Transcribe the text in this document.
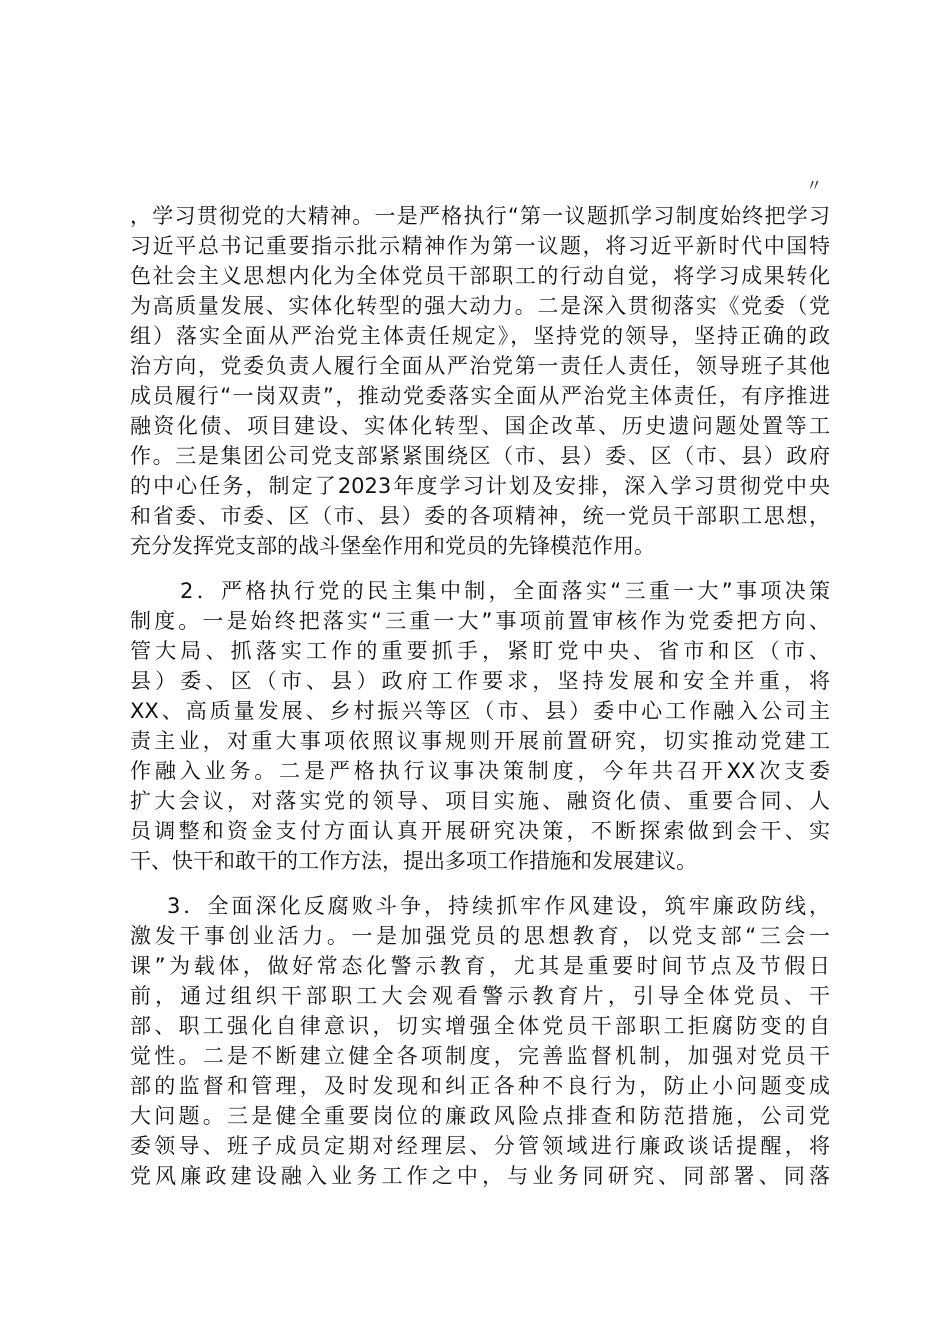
〃
，学习贯彻党的大精神。一是严格执行“第一议题抓学习制度始终把学习
习近平总书记重要指示批示精神作为第一议题，将习近平新时代中国特
色社会主义思想内化为全体党员干部职工的行动自觉，将学习成果转化
为高质量发展、实体化转型的强大动力。二是深入贯彻落实《党委（党
组）落实全面从严治党主体责任规定》，坚持党的领导，坚持正确的政
治方向，党委负责人履行全面从严治党第一责任人责任，领导班子其他
成员履行“一岗双责”，推动党委落实全面从严治党主体责任，有序推进
融资化债、项目建设、实体化转型、国企改革、历史遗问题处置等工
作。三是集团公司党支部紧紧围绕区（市、县）委、区（市、县）政府
的中心任务，制定了2023年度学习计划及安排，深入学习贯彻党中央
和省委、市委、区（市、县）委的各项精神，统一党员干部职工思想，
充分发挥党支部的战斗堡垒作用和党员的先锋模范作用。
2．严格执行党的民主集中制，全面落实“三重一大”事项决策
制度。一是始终把落实“三重一大”事项前置审核作为党委把方向、
管大局、抓落实工作的重要抓手，紧盯党中央、省市和区（市、
县）委、区（市、县）政府工作要求，坚持发展和安全并重，将
XX、高质量发展、乡村振兴等区（市、县）委中心工作融入公司主
责主业，对重大事项依照议事规则开展前置研究，切实推动党建工
作融入业务。二是严格执行议事决策制度，今年共召开XX次支委
扩大会议，对落实党的领导、项目实施、融资化债、重要合同、人
员调整和资金支付方面认真开展研究决策，不断探索做到会干、实
干、快干和敢干的工作方法，提出多项工作措施和发展建议。
3．全面深化反腐败斗争，持续抓牢作风建设，筑牢廉政防线，
激发干事创业活力。一是加强党员的思想教育，以党支部“三会一
课”为载体，做好常态化警示教育，尤其是重要时间节点及节假日
前，通过组织干部职工大会观看警示教育片，引导全体党员、干
部、职工强化自律意识，切实增强全体党员干部职工拒腐防变的自
觉性。二是不断建立健全各项制度，完善监督机制，加强对党员干
部的监督和管理，及时发现和纠正各种不良行为，防止小问题变成
大问题。三是健全重要岗位的廉政风险点排查和防范措施，公司党
委领导、班子成员定期对经理层、分管领域进行廉政谈话提醒，将
党风廉政建设融入业务工作之中，与业务同研究、同部署、同落
